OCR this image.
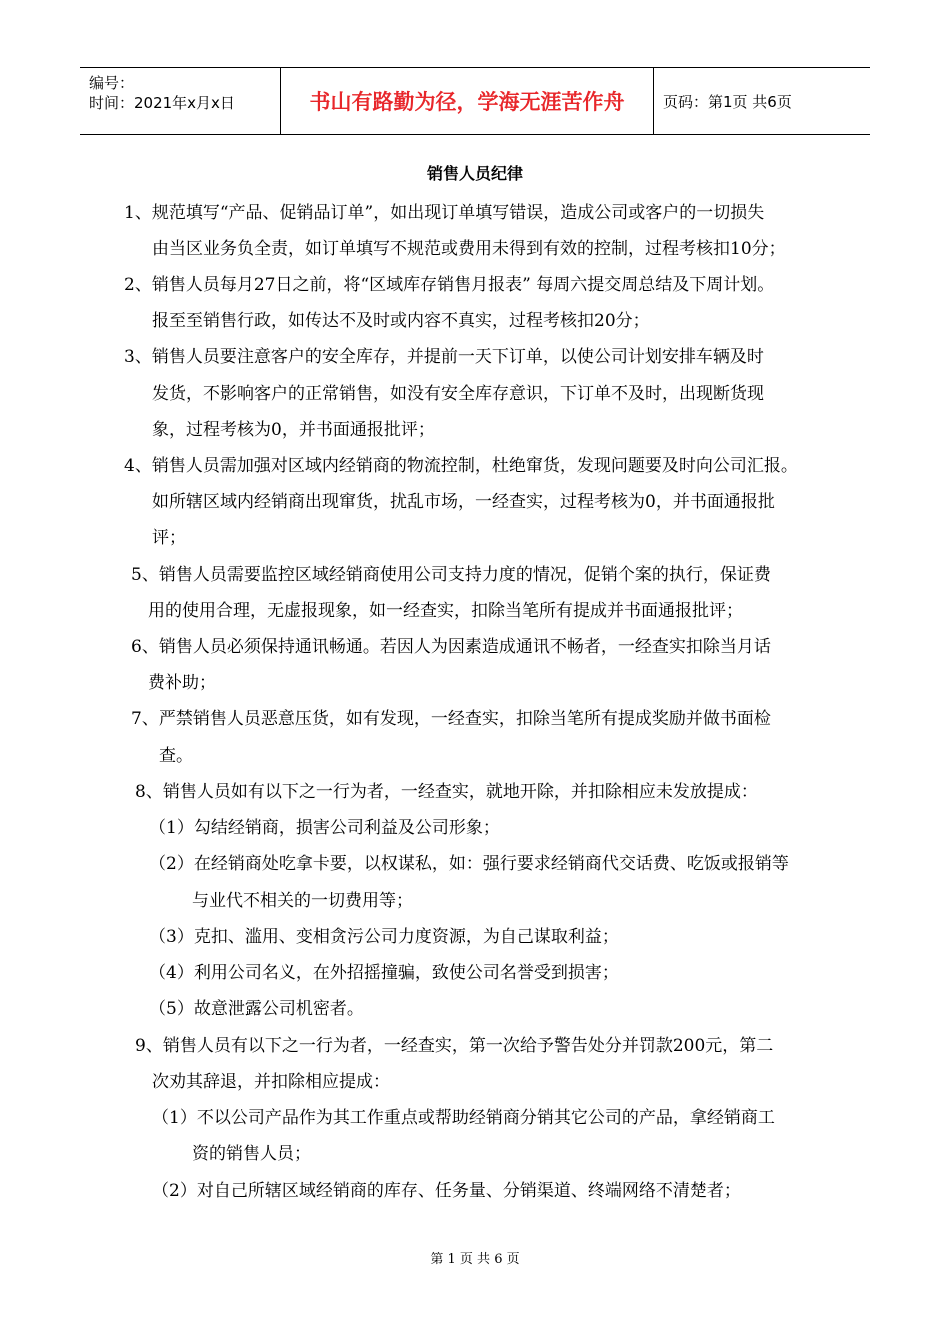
编号：
时间：2021年x月x日	书山有路勤为径，学海无涯苦作舟	页码：第1页 共6页
销售人员纪律
1、规范填写“产品、促销品订单”，如出现订单填写错误，造成公司或客户的一切损失
由当区业务负全责，如订单填写不规范或费用未得到有效的控制，过程考核扣10分；
2、销售人员每月27日之前，将“区域库存销售月报表” 每周六提交周总结及下周计划。
报至至销售行政，如传达不及时或内容不真实，过程考核扣20分；
3、销售人员要注意客户的安全库存，并提前一天下订单，以使公司计划安排车辆及时
发货，不影响客户的正常销售，如没有安全库存意识，下订单不及时，出现断货现
象，过程考核为0，并书面通报批评；
4、销售人员需加强对区域内经销商的物流控制，杜绝窜货，发现问题要及时向公司汇报。
如所辖区域内经销商出现窜货，扰乱市场，一经查实，过程考核为0，并书面通报批
评；
5、销售人员需要监控区域经销商使用公司支持力度的情况，促销个案的执行，保证费
用的使用合理，无虚报现象，如一经查实，扣除当笔所有提成并书面通报批评；
6、销售人员必须保持通讯畅通。若因人为因素造成通讯不畅者，一经查实扣除当月话
费补助；
7、严禁销售人员恶意压货，如有发现，一经查实，扣除当笔所有提成奖励并做书面检
查。
8、销售人员如有以下之一行为者，一经查实，就地开除，并扣除相应未发放提成：
（1）勾结经销商，损害公司利益及公司形象；
（2）在经销商处吃拿卡要，以权谋私，如：强行要求经销商代交话费、吃饭或报销等
与业代不相关的一切费用等；
（3）克扣、滥用、变相贪污公司力度资源，为自己谋取利益；
（4）利用公司名义，在外招摇撞骗，致使公司名誉受到损害；
（5）故意泄露公司机密者。
9、销售人员有以下之一行为者，一经查实，第一次给予警告处分并罚款200元，第二
次劝其辞退，并扣除相应提成：
（1）不以公司产品作为其工作重点或帮助经销商分销其它公司的产品，拿经销商工
资的销售人员；
（2）对自己所辖区域经销商的库存、任务量、分销渠道、终端网络不清楚者；
第 1 页 共 6 页
